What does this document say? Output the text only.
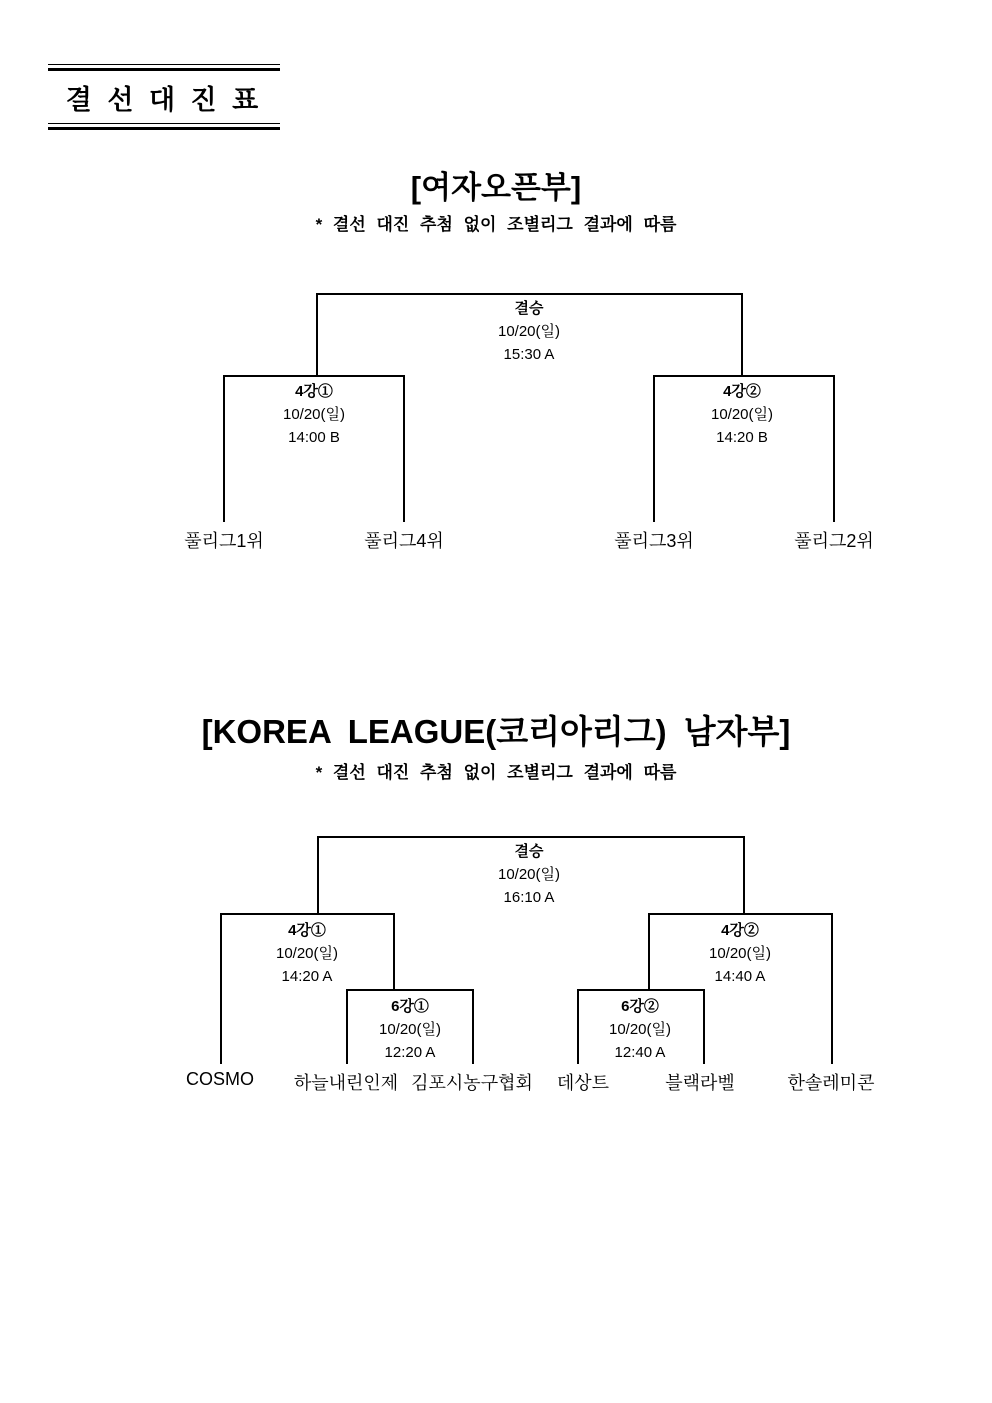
결 선 대 진 표
[여자오픈부]
* 결선 대진 추첨 없이 조별리그 결과에 따름
결승
10/20(일)
15:30 A
4강①
10/20(일)
14:00 B
4강②
10/20(일)
14:20 B
풀리그1위	풀리그4위	풀리그3위	풀리그2위
[KOREA LEAGUE(코리아리그) 남자부]
* 결선 대진 추첨 없이 조별리그 결과에 따름
결승
10/20(일)
16:10 A
4강①
10/20(일)
14:20 A
4강②
10/20(일)
14:40 A
6강①
10/20(일)
12:20 A
6강②
10/20(일)
12:40 A
COSMO	하늘내린인제 김포시농구협회	데상트	블랙라벨	한솔레미콘
